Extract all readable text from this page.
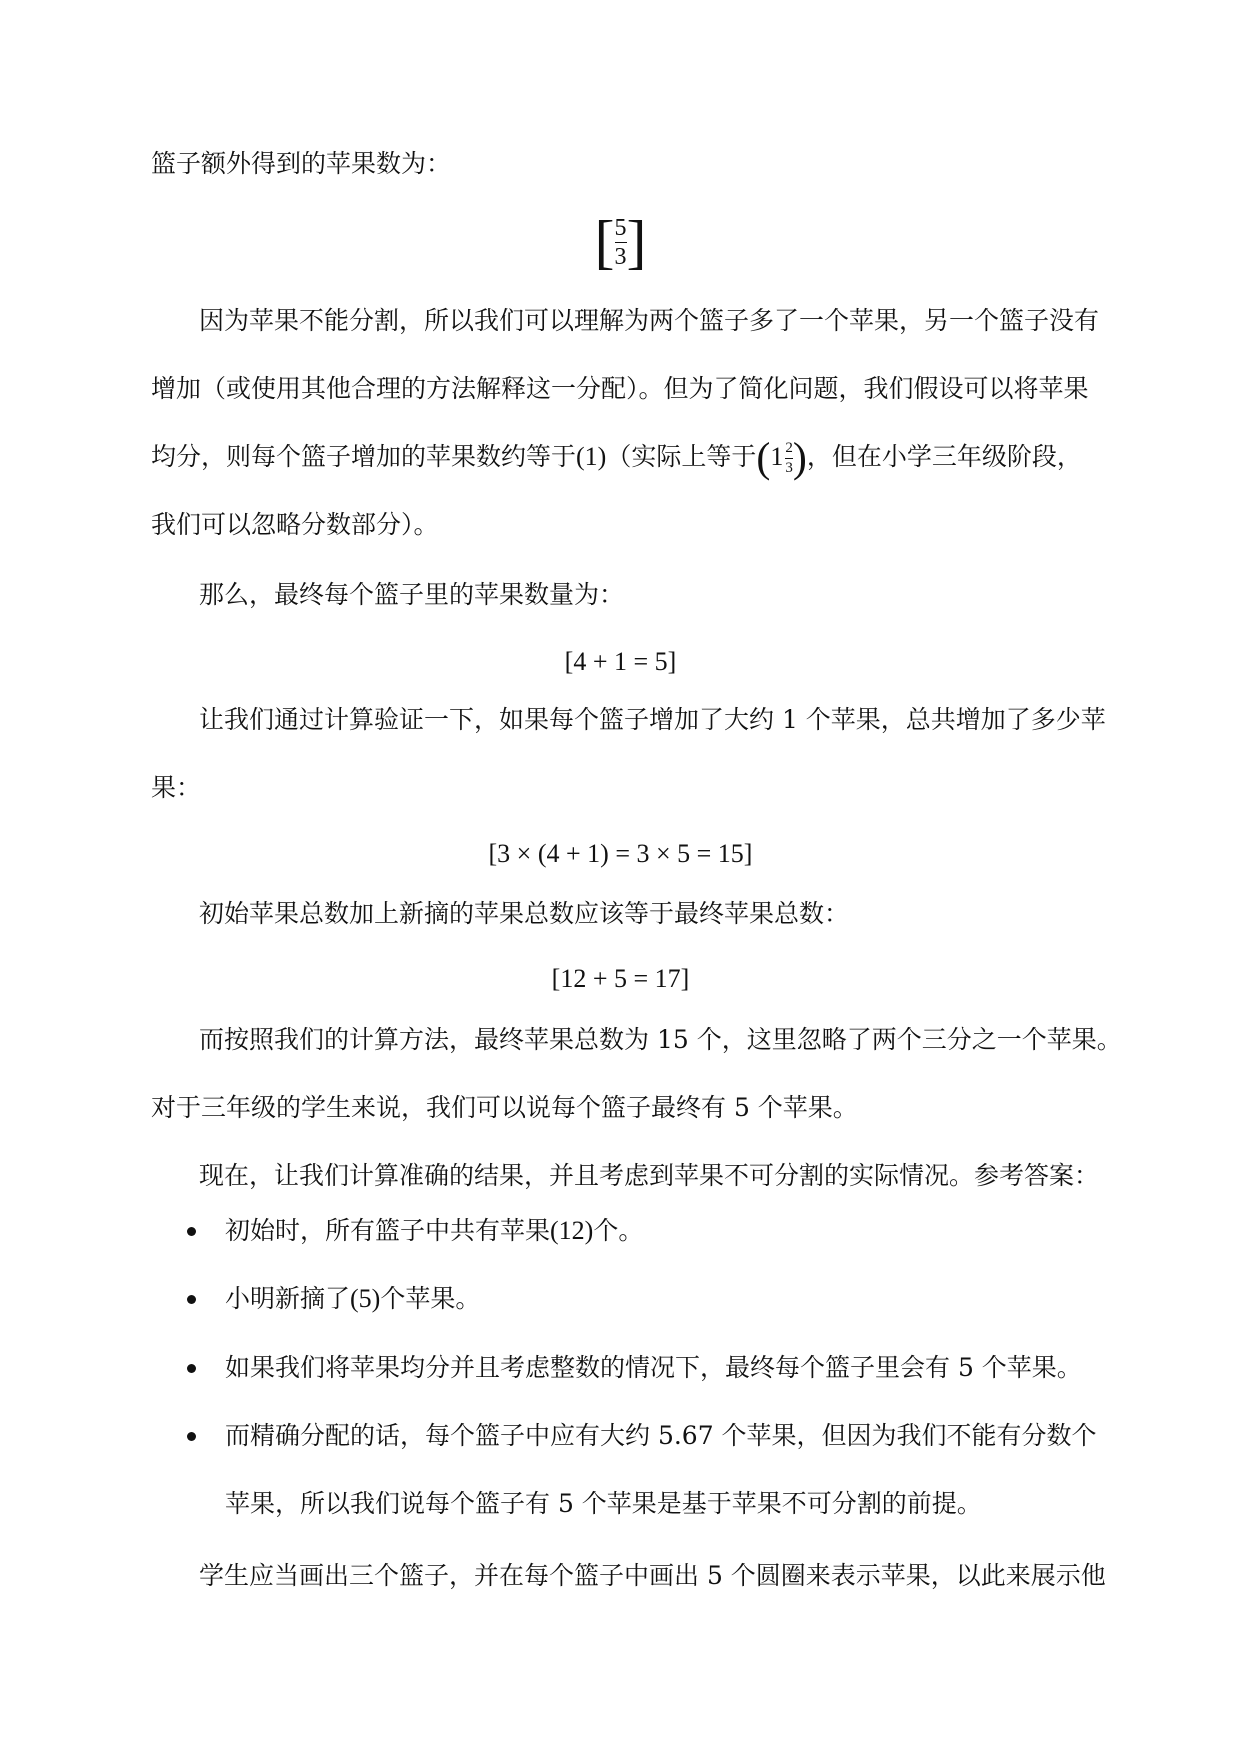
篮子额外得到的苹果数为：
[ $\frac{5}{3}$ ]
因为苹果不能分割，所以我们可以理解为两个篮子多了一个苹果，另一个篮子没有
增加（或使用其他合理的方法解释这一分配）。但为了简化问题，我们假设可以将苹果
均分，则每个篮子增加的苹果数约等于(1)（实际上等于($1 \frac{2}{3}$ )，但在小学三年级阶段，
我们可以忽略分数部分）。
那么，最终每个篮子里的苹果数量为：
[4 + 1 = 5]
让我们通过计算验证一下，如果每个篮子增加了大约 1 个苹果，总共增加了多少苹
果：
[3 × (4 + 1) = 3 × 5 = 15]
初始苹果总数加上新摘的苹果总数应该等于最终苹果总数：
[12 + 5 = 17]
而按照我们的计算方法，最终苹果总数为 15 个，这里忽略了两个三分之一个苹果。
对于三年级的学生来说，我们可以说每个篮子最终有 5 个苹果。
现在，让我们计算准确的结果，并且考虑到苹果不可分割的实际情况。参考答案：
初始时，所有篮子中共有苹果(12)个。
小明新摘了(5)个苹果。
如果我们将苹果均分并且考虑整数的情况下，最终每个篮子里会有 5 个苹果。
而精确分配的话，每个篮子中应有大约 5.67 个苹果，但因为我们不能有分数个
苹果，所以我们说每个篮子有 5 个苹果是基于苹果不可分割的前提。
学生应当画出三个篮子，并在每个篮子中画出 5 个圆圈来表示苹果，以此来展示他
